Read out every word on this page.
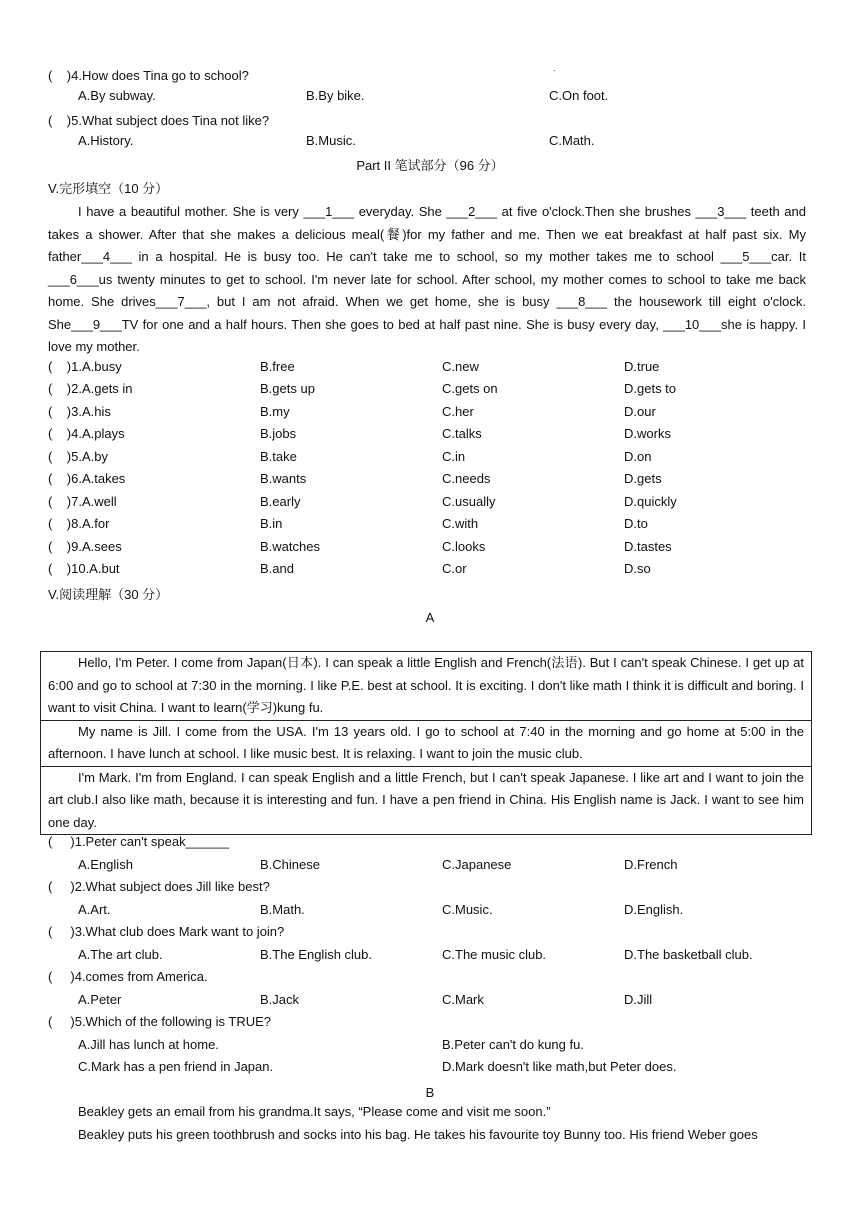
·
(    )4.How does Tina go to school?
A.By subway.	B.By bike.	C.On foot.
(    )5.What subject does Tina not like?
A.History.	B.Music.	C.Math.
Part II 笔试部分（96 分）
V.完形填空（10 分）
I have a beautiful mother. She is very ___1___ everyday. She ___2___ at five o'clock.Then she brushes ___3___ teeth and takes a shower. After that she makes a delicious meal(餐)for my father and me. Then we eat breakfast at half past six. My father___4___ in a hospital. He is busy too. He can't take me to school, so my mother takes me to school ___5___car. It ___6___us twenty minutes to get to school. I'm never late for school. After school, my mother comes to school to take me back home. She drives___7___, but I am not afraid. When we get home, she is busy ___8___ the housework till eight o'clock. She___9___TV for one and a half hours. Then she goes to bed at half past nine. She is busy every day, ___10___she is happy. I love my mother.
(    )1.A.busy	B.free	C.new	D.true
(    )2.A.gets in	B.gets up	C.gets on	D.gets to
(    )3.A.his	B.my	C.her	D.our
(    )4.A.plays	B.jobs	C.talks	D.works
(    )5.A.by	B.take	C.in	D.on
(    )6.A.takes	B.wants	C.needs	D.gets
(    )7.A.well	B.early	C.usually	D.quickly
(    )8.A.for	B.in	C.with	D.to
(    )9.A.sees	B.watches	C.looks	D.tastes
(    )10.A.but	B.and	C.or	D.so
V.阅读理解（30 分）
A
Hello, I'm Peter. I come from Japan(日本). I can speak a little English and French(法语). But I can't speak Chinese. I get up at 6:00 and go to school at 7:30 in the morning. I like P.E. best at school. It is exciting. I don't like math I think it is difficult and boring. I want to visit China. I want to learn(学习)kung fu.
My name is Jill. I come from the USA. I'm 13 years old. I go to school at 7:40 in the morning and go home at 5:00 in the afternoon. I have lunch at school. I like music best. It is relaxing. I want to join the music club.
I'm Mark. I'm from England. I can speak English and a little French, but I can't speak Japanese. I like art and I want to join the art club.I also like math, because it is interesting and fun. I have a pen friend in China. His English name is Jack. I want to see him one day.
(     )1.Peter can't speak______
A.English	B.Chinese	C.Japanese	D.French
(     )2.What subject does Jill like best?
A.Art.	B.Math.	C.Music.	D.English.
(     )3.What club does Mark want to join?
A.The art club.	B.The English club.	C.The music club.	D.The basketball club.
(     )4.comes from America.
A.Peter	B.Jack	C.Mark	D.Jill
(     )5.Which of the following is TRUE?
A.Jill has lunch at home.	B.Peter can't do kung fu.
C.Mark has a pen friend in Japan.	D.Mark doesn't like math,but Peter does.
B
Beakley gets an email from his grandma.It says, “Please come and visit me soon.”
Beakley puts his green toothbrush and socks into his bag. He takes his favourite toy Bunny too. His friend Weber goes
